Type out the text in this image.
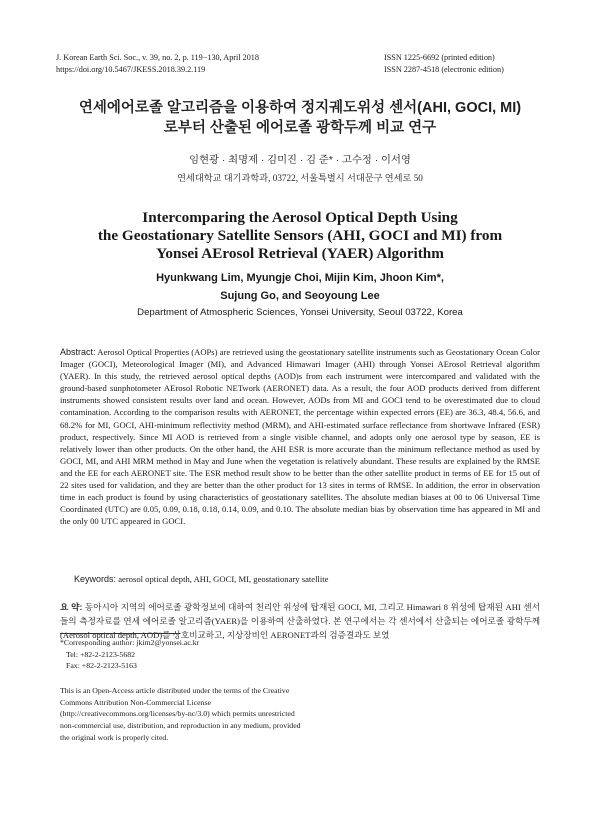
J. Korean Earth Sci. Soc., v. 39, no. 2, p. 119−130, April 2018
https://doi.org/10.5467/JKESS.2018.39.2.119
ISSN 1225-6692 (printed edition)
ISSN 2287-4518 (electronic edition)
연세에어로졸 알고리즘을 이용하여 정지궤도위성 센서(AHI, GOCI, MI)
로부터 산출된 에어로졸 광학두께 비교 연구
임현광 · 최명제 · 김미진 · 김 준* · 고수정 · 이서영
연세대학교 대기과학과, 03722, 서울특별시 서대문구 연세로 50
Intercomparing the Aerosol Optical Depth Using
the Geostationary Satellite Sensors (AHI, GOCI and MI) from
Yonsei AErosol Retrieval (YAER) Algorithm
Hyunkwang Lim, Myungje Choi, Mijin Kim, Jhoon Kim*,
Sujung Go, and Seoyoung Lee
Department of Atmospheric Sciences, Yonsei University, Seoul 03722, Korea
Abstract: Aerosol Optical Properties (AOPs) are retrieved using the geostationary satellite instruments such as Geostationary Ocean Color Imager (GOCI), Meteorological Imager (MI), and Advanced Himawari Imager (AHI) through Yonsei AErosol Retrieval algorithm (YAER). In this study, the retrieved aerosol optical depths (AOD)s from each instrument were intercompared and validated with the ground-based sunphotometer AErosol Robotic NETwork (AERONET) data. As a result, the four AOD products derived from different instruments showed consistent results over land and ocean. However, AODs from MI and GOCI tend to be overestimated due to cloud contamination. According to the comparison results with AERONET, the percentage within expected errors (EE) are 36.3, 48.4, 56.6, and 68.2% for MI, GOCI, AHI-minimum reflectivity method (MRM), and AHI-estimated surface reflectance from shortwave Infrared (ESR) product, respectively. Since MI AOD is retrieved from a single visible channel, and adopts only one aerosol type by season, EE is relatively lower than other products. On the other hand, the AHI ESR is more accurate than the minimum reflectance method as used by GOCI, MI, and AHI MRM method in May and June when the vegetation is relatively abundant. These results are explained by the RMSE and the EE for each AERONET site. The ESR method result show to be better than the other satellite product in terms of EE for 15 out of 22 sites used for validation, and they are better than the other product for 13 sites in terms of RMSE. In addition, the error in observation time in each product is found by using characteristics of geostationary satellites. The absolute median biases at 00 to 06 Universal Time Coordinated (UTC) are 0.05, 0.09, 0.18, 0.18, 0.14, 0.09, and 0.10. The absolute median bias by observation time has appeared in MI and the only 00 UTC appeared in GOCI.
Keywords: aerosol optical depth, AHI, GOCI, MI, geostationary satellite
요 약: 동아시아 지역의 에어로졸 광학정보에 대하여 천리안 위성에 탑재된 GOCI, MI, 그리고 Himawari 8 위성에 탑재된 AHI 센서들의 측정자료를 연세 에어로졸 알고리즘(YAER)을 이용하여 산출하였다. 본 연구에서는 각 센서에서 산출되는 에어로졸 광학두께(Aerosol optical depth, AOD)를 상호비교하고, 지상장비인 AERONET과의 검증결과도 보였
*Corresponding author: jkim2@yonsei.ac.kr
Tel: +82-2-2123-5682
Fax: +82-2-2123-5163
This is an Open-Access article distributed under the terms of the Creative Commons Attribution Non-Commercial License (http://creativecommons.org/licenses/by-nc/3.0) which permits unrestricted non-commercial use, distribution, and reproduction in any medium, provided the original work is properly cited.
